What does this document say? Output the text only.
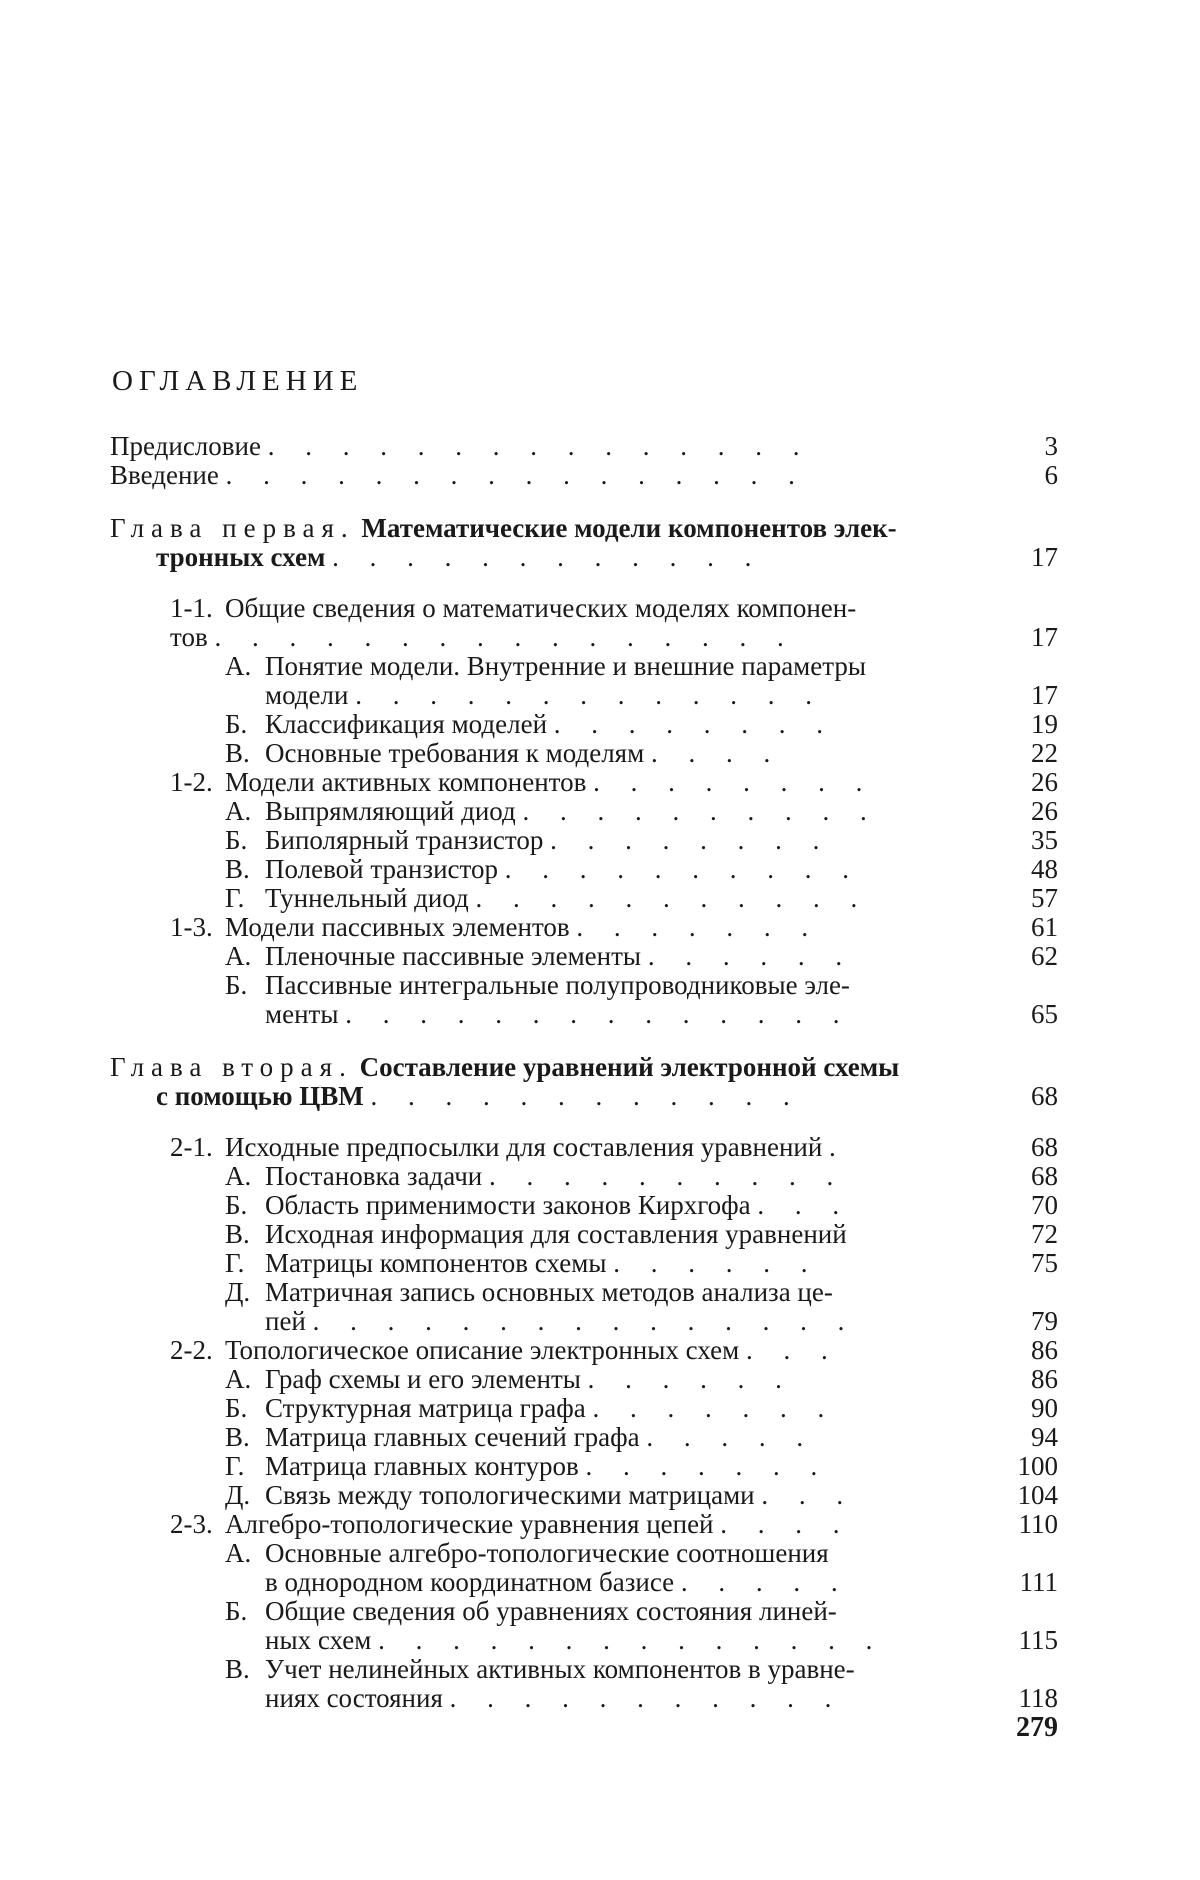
ОГЛАВЛЕНИЕ
Предисловие . . . . . . . . . . . . . . .	3
Введение . . . . . . . . . . . . . . . .	6
Глава первая. Математические модели компонентов элек-
тронных схем . . . . . . . . . . . .	17
1-1. Общие сведения о математических моделях компонен-
тов . . . . . . . . . . . . . . . .	17
А. Понятие модели. Внутренние и внешние параметры
модели . . . . . . . . . . . . .	17
Б. Классификация моделей . . . . . . . .	19
В. Основные требования к моделям . . . .	22
1-2. Модели активных компонентов . . . . . . . .	26
А. Выпрямляющий диод . . . . . . . . . .	26
Б. Биполярный транзистор . . . . . . . .	35
В. Полевой транзистор . . . . . . . . . .	48
Г. Туннельный диод . . . . . . . . . . .	57
1-3. Модели пассивных элементов . . . . . . .	61
А. Пленочные пассивные элементы . . . . . .	62
Б. Пассивные интегральные полупроводниковые эле-
менты . . . . . . . . . . . . . .	65
Глава вторая. Составление уравнений электронной схемы
с помощью ЦВМ . . . . . . . . . . . .	68
2-1. Исходные предпосылки для составления уравнений .	68
А. Постановка задачи . . . . . . . . . .	68
Б. Область применимости законов Кирхгофа . . .	70
В. Исходная информация для составления уравнений	72
Г. Матрицы компонентов схемы . . . . . .	75
Д. Матричная запись основных методов анализа це-
пей . . . . . . . . . . . . . . .	79
2-2. Топологическое описание электронных схем . . .	86
А. Граф схемы и его элементы . . . . . .	86
Б. Структурная матрица графа . . . . . . .	90
В. Матрица главных сечений графа . . . . .	94
Г. Матрица главных контуров . . . . . . .	100
Д. Связь между топологическими матрицами . . .	104
2-3. Алгебро-топологические уравнения цепей . . . .	110
А. Основные алгебро-топологические соотношения
в однородном координатном базисе . . . . .	111
Б. Общие сведения об уравнениях состояния линей-
ных схем . . . . . . . . . . . . . .	115
В. Учет нелинейных активных компонентов в уравне-
ниях состояния . . . . . . . . . . .	118
279
